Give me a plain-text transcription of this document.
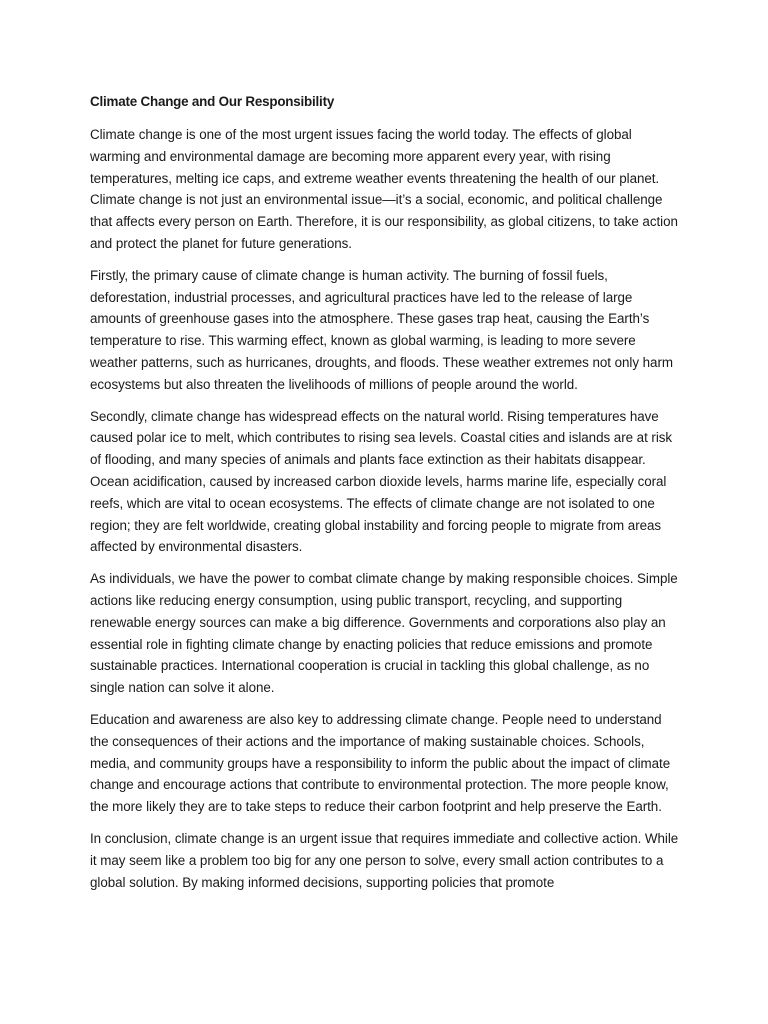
Climate Change and Our Responsibility

Climate change is one of the most urgent issues facing the world today. The effects of global warming and environmental damage are becoming more apparent every year, with rising temperatures, melting ice caps, and extreme weather events threatening the health of our planet. Climate change is not just an environmental issue—it’s a social, economic, and political challenge that affects every person on Earth. Therefore, it is our responsibility, as global citizens, to take action and protect the planet for future generations.

Firstly, the primary cause of climate change is human activity. The burning of fossil fuels, deforestation, industrial processes, and agricultural practices have led to the release of large amounts of greenhouse gases into the atmosphere. These gases trap heat, causing the Earth’s temperature to rise. This warming effect, known as global warming, is leading to more severe weather patterns, such as hurricanes, droughts, and floods. These weather extremes not only harm ecosystems but also threaten the livelihoods of millions of people around the world.

Secondly, climate change has widespread effects on the natural world. Rising temperatures have caused polar ice to melt, which contributes to rising sea levels. Coastal cities and islands are at risk of flooding, and many species of animals and plants face extinction as their habitats disappear. Ocean acidification, caused by increased carbon dioxide levels, harms marine life, especially coral reefs, which are vital to ocean ecosystems. The effects of climate change are not isolated to one region; they are felt worldwide, creating global instability and forcing people to migrate from areas affected by environmental disasters.

As individuals, we have the power to combat climate change by making responsible choices. Simple actions like reducing energy consumption, using public transport, recycling, and supporting renewable energy sources can make a big difference. Governments and corporations also play an essential role in fighting climate change by enacting policies that reduce emissions and promote sustainable practices. International cooperation is crucial in tackling this global challenge, as no single nation can solve it alone.

Education and awareness are also key to addressing climate change. People need to understand the consequences of their actions and the importance of making sustainable choices. Schools, media, and community groups have a responsibility to inform the public about the impact of climate change and encourage actions that contribute to environmental protection. The more people know, the more likely they are to take steps to reduce their carbon footprint and help preserve the Earth.

In conclusion, climate change is an urgent issue that requires immediate and collective action. While it may seem like a problem too big for any one person to solve, every small action contributes to a global solution. By making informed decisions, supporting policies that promote
